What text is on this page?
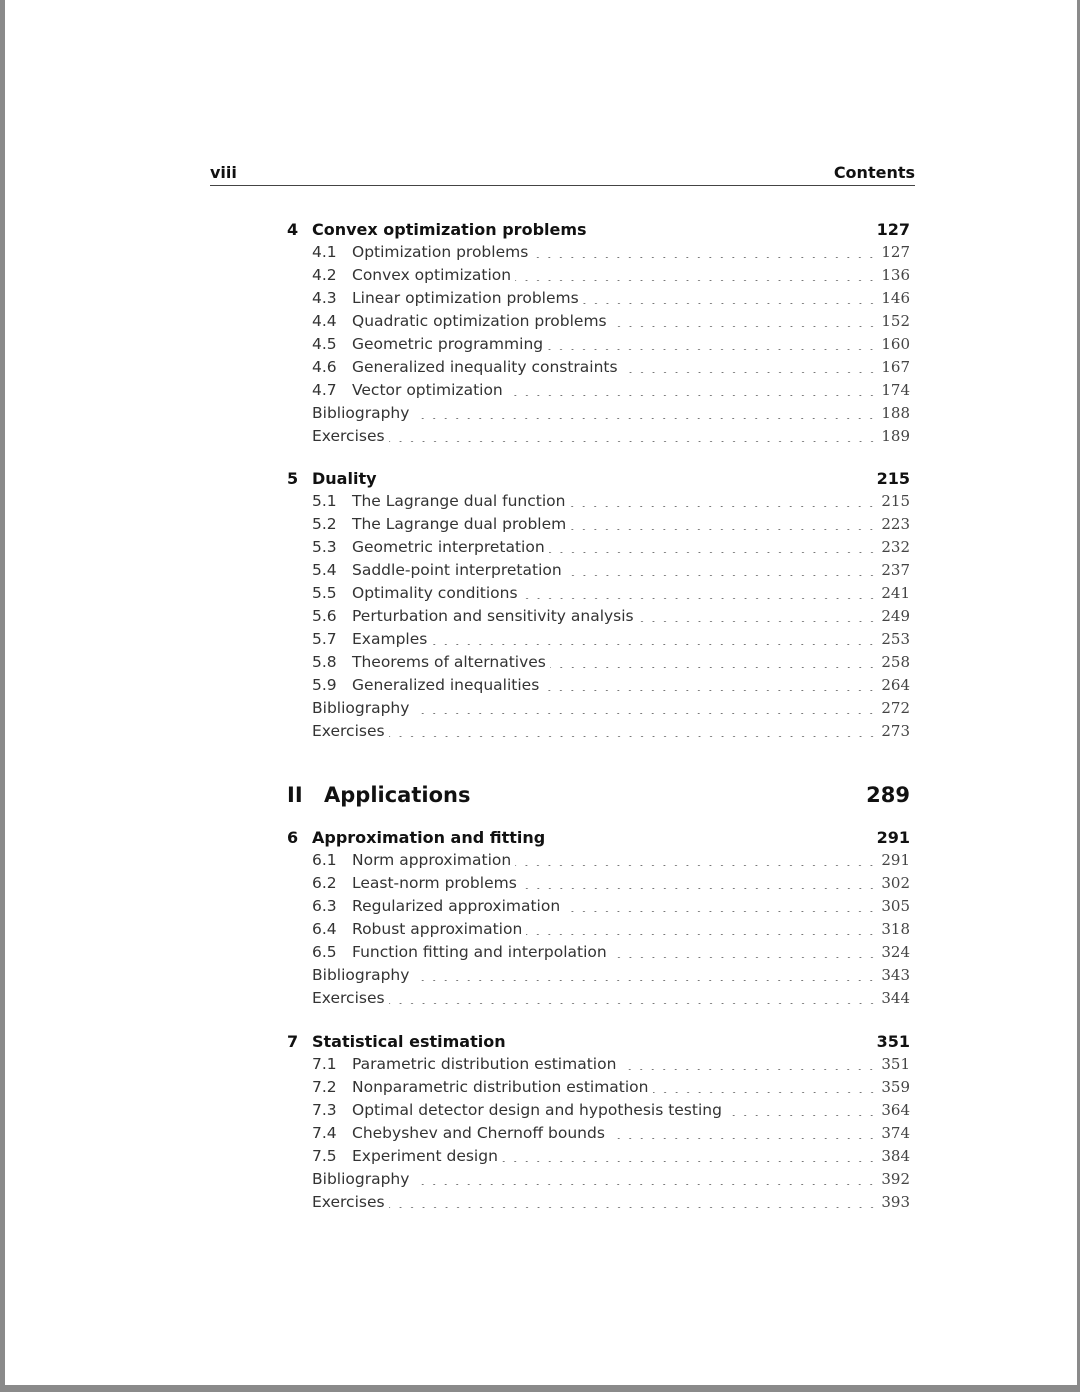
viii	Contents
4 Convex optimization problems	127
4.1 Optimization problems	127
4.2 Convex optimization	136
4.3 Linear optimization problems	146
4.4 Quadratic optimization problems	152
4.5 Geometric programming	160
4.6 Generalized inequality constraints	167
4.7 Vector optimization	174
Bibliography	188
Exercises	189
5 Duality	215
5.1 The Lagrange dual function	215
5.2 The Lagrange dual problem	223
5.3 Geometric interpretation	232
5.4 Saddle-point interpretation	237
5.5 Optimality conditions	241
5.6 Perturbation and sensitivity analysis	249
5.7 Examples	253
5.8 Theorems of alternatives	258
5.9 Generalized inequalities	264
Bibliography	272
Exercises	273
II	Applications	289
6 Approximation and fitting	291
6.1 Norm approximation	291
6.2 Least-norm problems	302
6.3 Regularized approximation	305
6.4 Robust approximation	318
6.5 Function fitting and interpolation	324
Bibliography	343
Exercises	344
7 Statistical estimation	351
7.1 Parametric distribution estimation	351
7.2 Nonparametric distribution estimation	359
7.3 Optimal detector design and hypothesis testing	364
7.4 Chebyshev and Chernoff bounds	374
7.5 Experiment design	384
Bibliography	392
Exercises	393
